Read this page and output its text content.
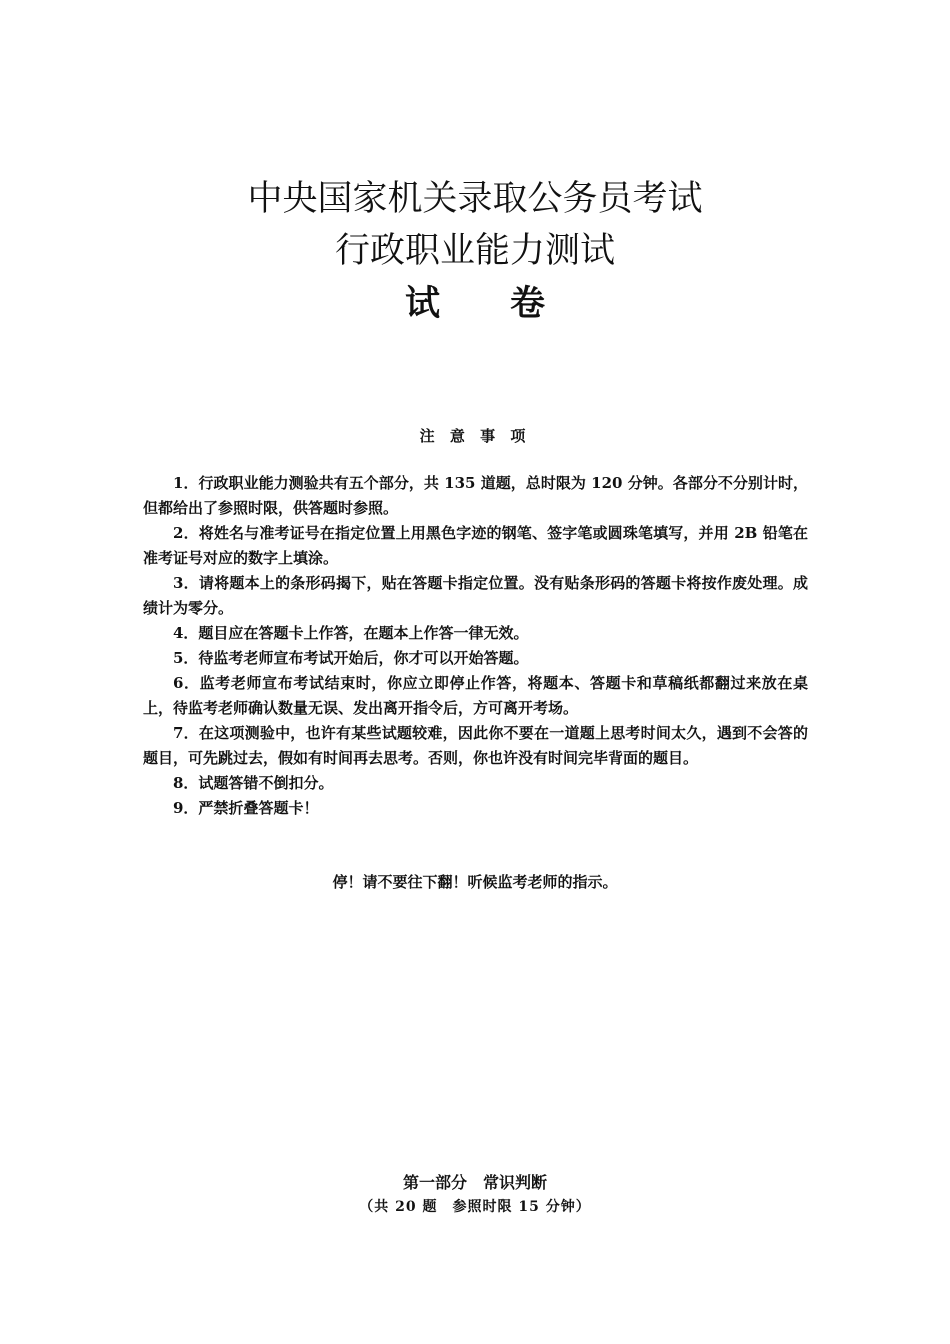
中央国家机关录取公务员考试
行政职业能力测试
试 卷
注 意 事 项

1．行政职业能力测验共有五个部分，共 135 道题，总时限为 120 分钟。各部分不分别计时，但都给出了参照时限，供答题时参照。

2．将姓名与准考证号在指定位置上用黑色字迹的钢笔、签字笔或圆珠笔填写，并用 2B 铅笔在准考证号对应的数字上填涂。

3．请将题本上的条形码揭下，贴在答题卡指定位置。没有贴条形码的答题卡将按作废处理。成绩计为零分。

4．题目应在答题卡上作答，在题本上作答一律无效。

5．待监考老师宣布考试开始后，你才可以开始答题。

6．监考老师宣布考试结束时，你应立即停止作答，将题本、答题卡和草稿纸都翻过来放在桌上，待监考老师确认数量无误、发出离开指令后，方可离开考场。

7．在这项测验中，也许有某些试题较难，因此你不要在一道题上思考时间太久，遇到不会答的题目，可先跳过去，假如有时间再去思考。否则，你也许没有时间完毕背面的题目。

8．试题答错不倒扣分。

9．严禁折叠答题卡！

停！请不要往下翻！听候监考老师的指示。
第一部分　常识判断
（共 20 题　参照时限 15 分钟）
